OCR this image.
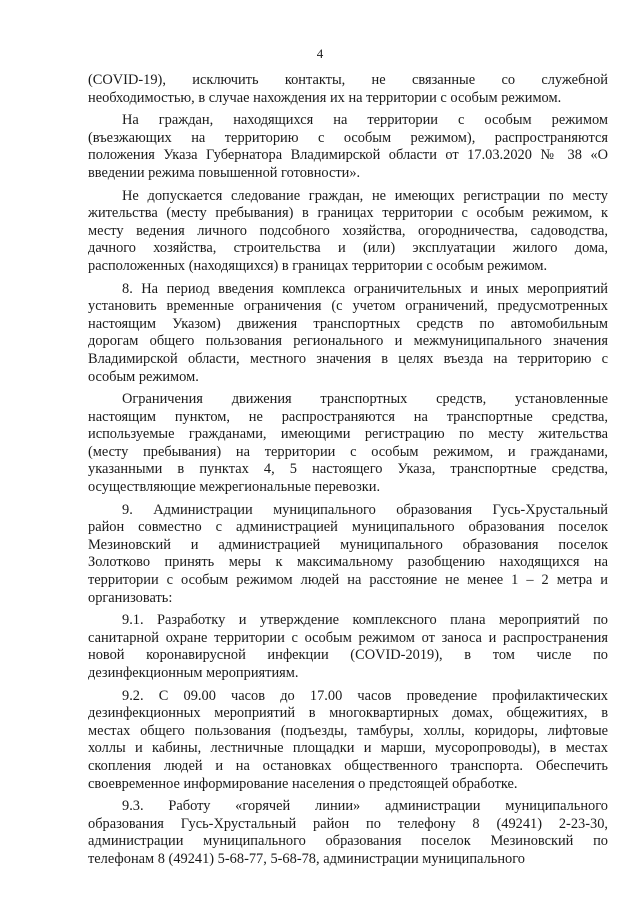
4
(COVID-19), исключить контакты, не связанные со служебной
необходимостью, в случае нахождения их на территории с особым режимом.
На граждан, находящихся на территории с особым режимом
(въезжающих на территорию с особым режимом), распространяются
положения Указа Губернатора Владимирской области от 17.03.2020 № 38 «О
введении режима повышенной готовности».
Не допускается следование граждан, не имеющих регистрации по месту
жительства (месту пребывания) в границах территории с особым режимом, к
месту ведения личного подсобного хозяйства, огородничества, садоводства,
дачного хозяйства, строительства и (или) эксплуатации жилого дома,
расположенных (находящихся) в границах территории с особым режимом.
8. На период введения комплекса ограничительных и иных мероприятий
установить временные ограничения (с учетом ограничений, предусмотренных
настоящим Указом) движения транспортных средств по автомобильным
дорогам общего пользования регионального и межмуниципального значения
Владимирской области, местного значения в целях въезда на территорию с
особым режимом.
Ограничения движения транспортных средств, установленные
настоящим пунктом, не распространяются на транспортные средства,
используемые гражданами, имеющими регистрацию по месту жительства
(месту пребывания) на территории с особым режимом, и гражданами,
указанными в пунктах 4, 5 настоящего Указа, транспортные средства,
осуществляющие межрегиональные перевозки.
9. Администрации муниципального образования Гусь-Хрустальный
район совместно с администрацией муниципального образования поселок
Мезиновский и администрацией муниципального образования поселок
Золотково принять меры к максимальному разобщению находящихся на
территории с особым режимом людей на расстояние не менее 1 – 2 метра и
организовать:
9.1. Разработку и утверждение комплексного плана мероприятий по
санитарной охране территории с особым режимом от заноса и распространения
новой коронавирусной инфекции (COVID-2019), в том числе по
дезинфекционным мероприятиям.
9.2. С 09.00 часов до 17.00 часов проведение профилактических
дезинфекционных мероприятий в многоквартирных домах, общежитиях, в
местах общего пользования (подъезды, тамбуры, холлы, коридоры, лифтовые
холлы и кабины, лестничные площадки и марши, мусоропроводы), в местах
скопления людей и на остановках общественного транспорта. Обеспечить
своевременное информирование населения о предстоящей обработке.
9.3. Работу «горячей линии» администрации муниципального
образования Гусь-Хрустальный район по телефону 8 (49241) 2-23-30,
администрации муниципального образования поселок Мезиновский по
телефонам 8 (49241) 5-68-77, 5-68-78, администрации муниципального
